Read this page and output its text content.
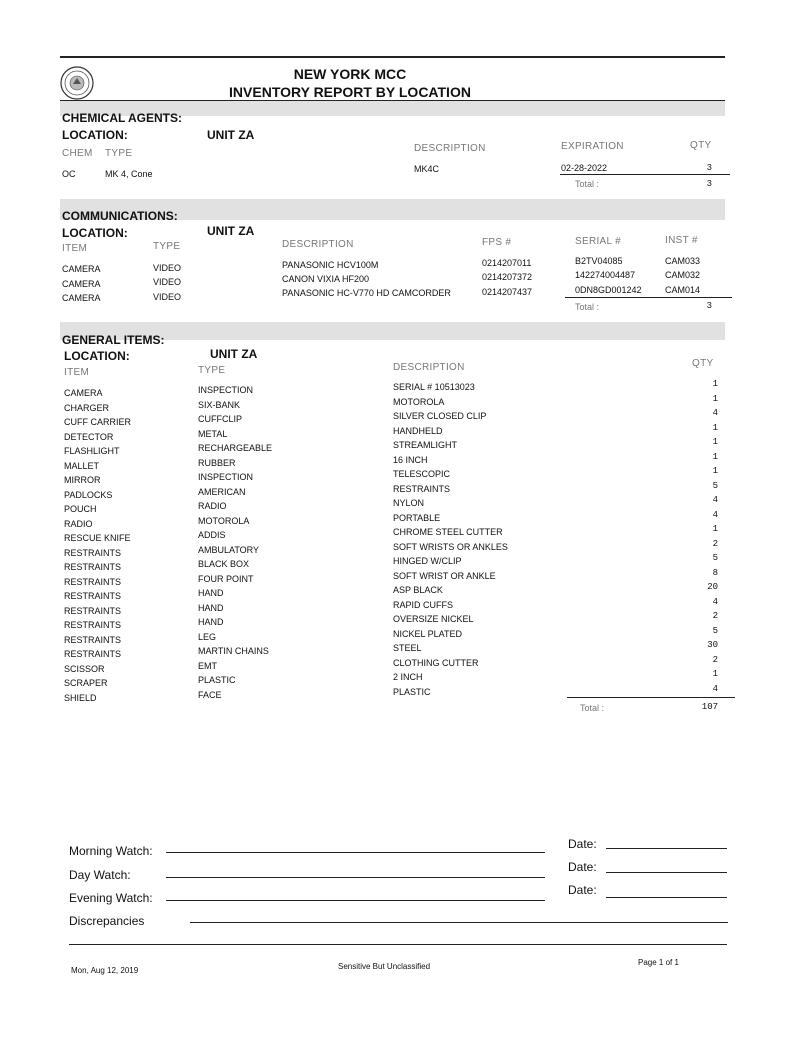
NEW YORK MCC
INVENTORY REPORT BY LOCATION
CHEMICAL AGENTS:
LOCATION:	UNIT ZA
CHEM TYPE	DESCRIPTION	EXPIRATION	QTY
OC	MK 4, Cone	MK4C	02-28-2022	3
Total :	3
COMMUNICATIONS:
LOCATION:	UNIT ZA
ITEM	TYPE	DESCRIPTION	FPS #	SERIAL #	INST #
CAMERA	VIDEO	PANASONIC HCV100M	0214207011	B2TV04085	CAM033
CAMERA	VIDEO	CANON VIXIA HF200	0214207372	142274004487	CAM032
CAMERA	VIDEO	PANASONIC HC-V770 HD CAMCORDER	0214207437	0DN8GD001242	CAM014
Total :	3
GENERAL ITEMS:
LOCATION:	UNIT ZA
ITEM	TYPE	DESCRIPTION	QTY
CAMERA	INSPECTION	SERIAL # 10513023	1
CHARGER	SIX-BANK	MOTOROLA	1
CUFF CARRIER	CUFFCLIP	SILVER CLOSED CLIP	4
DETECTOR	METAL	HANDHELD	1
FLASHLIGHT	RECHARGEABLE	STREAMLIGHT	1
MALLET	RUBBER	16 INCH	1
MIRROR	INSPECTION	TELESCOPIC	1
PADLOCKS	AMERICAN	RESTRAINTS	5
POUCH	RADIO	NYLON	4
RADIO	MOTOROLA	PORTABLE	4
RESCUE KNIFE	ADDIS	CHROME STEEL CUTTER	1
RESTRAINTS	AMBULATORY	SOFT WRISTS OR ANKLES	2
RESTRAINTS	BLACK BOX	HINGED W/CLIP	5
RESTRAINTS	FOUR POINT	SOFT WRIST OR ANKLE	8
RESTRAINTS	HAND	ASP BLACK	20
RESTRAINTS	HAND	RAPID CUFFS	4
RESTRAINTS	HAND	OVERSIZE NICKEL	2
RESTRAINTS	LEG	NICKEL PLATED	5
RESTRAINTS	MARTIN CHAINS	STEEL	30
SCISSOR	EMT	CLOTHING CUTTER	2
SCRAPER	PLASTIC	2 INCH	1
SHIELD	FACE	PLASTIC	4
Total :	107
Morning Watch:	Date:
Day Watch:
Date:
Evening Watch:
Date:
Discrepancies
Mon, Aug 12, 2019	Sensitive But Unclassified	Page 1 of 1
